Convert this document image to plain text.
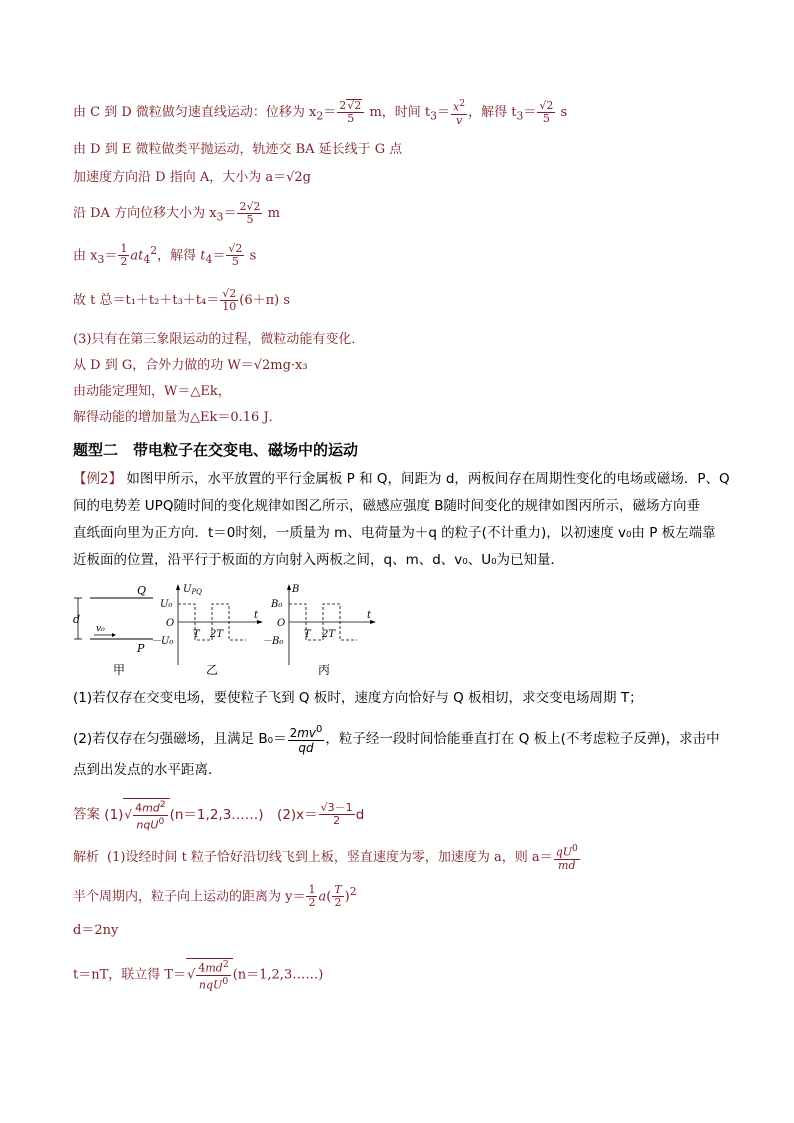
由 C 到 D 微粒做匀速直线运动：位移为 $x_2= \frac{2√2}{5}$ m，时间 $t_3= \frac{x^2}{v}$ ，解得 $t_3= \frac{√2}{5}$ s
由 D 到 E 微粒做类平抛运动，轨迹交 BA 延长线于 G 点
加速度方向沿 D 指向 A，大小为 a＝√2g
沿 DA 方向位移大小为 $x_3= \frac{2√2}{5}$ m
由 $x_3= \frac{1}{2} at_4^2$，解得 $t_4= \frac{√2}{5}$ s
故 t 总$=t_1+t_2+t_3+t_4= \frac{√2}{10} (6+\pi)$ s
(3)只有在第三象限运动的过程，微粒动能有变化．
从 D 到 G，合外力做的功 W＝√2mg·x₃
由动能定理知，W＝△Ek，
解得动能的增加量为△Ek＝0.16 J．
题型二　带电粒子在交变电、磁场中的运动
【例2】 如图甲所示，水平放置的平行金属板 P 和 Q，间距为 d，两板间存在周期性变化的电场或磁场．P、Q
间的电势差 UPQ随时间的变化规律如图乙所示，磁感应强度 B随时间变化的规律如图丙所示，磁场方向垂
直纸面向里为正方向．t＝0时刻，一质量为 m、电荷量为＋q 的粒子(不计重力)，以初速度 v₀由 P 板左端靠
近板面的位置，沿平行于板面的方向射入两板之间，q、m、d、v₀、U₀为已知量．
d
Q
P
v₀
甲
$U_{PQ}$
U₀
O
－U₀
T 2T
t
乙
B
B₀
O
－B₀
T 2T
t
丙
(1)若仅存在交变电场，要使粒子飞到 Q 板时，速度方向恰好与 Q 板相切，求交变电场周期 T；
(2)若仅存在匀强磁场，且满足 $B_0= \frac{2mv^0}{qd}$ ，粒子经一段时间恰能垂直打在 Q 板上(不考虑粒子反弹)，求击中
点到出发点的水平距离．
答案 $(1)√ \frac{4md^2}{nqU^0}$ (n＝1,2,3……)　$(2)x= \frac{√3-1}{2}$ d
解析 (1)设经时间 t 粒子恰好沿切线飞到上板，竖直速度为零，加速度为 a，则 $a= \frac{qU^0}{md}$
半个周期内，粒子向上运动的距离为 $y= \frac{1}{2} a( \frac{T}{2} )^2$
d＝2ny
t＝nT，联立得 $T=√ \frac{4md^2}{nqU^0}$ (n＝1,2,3……)
